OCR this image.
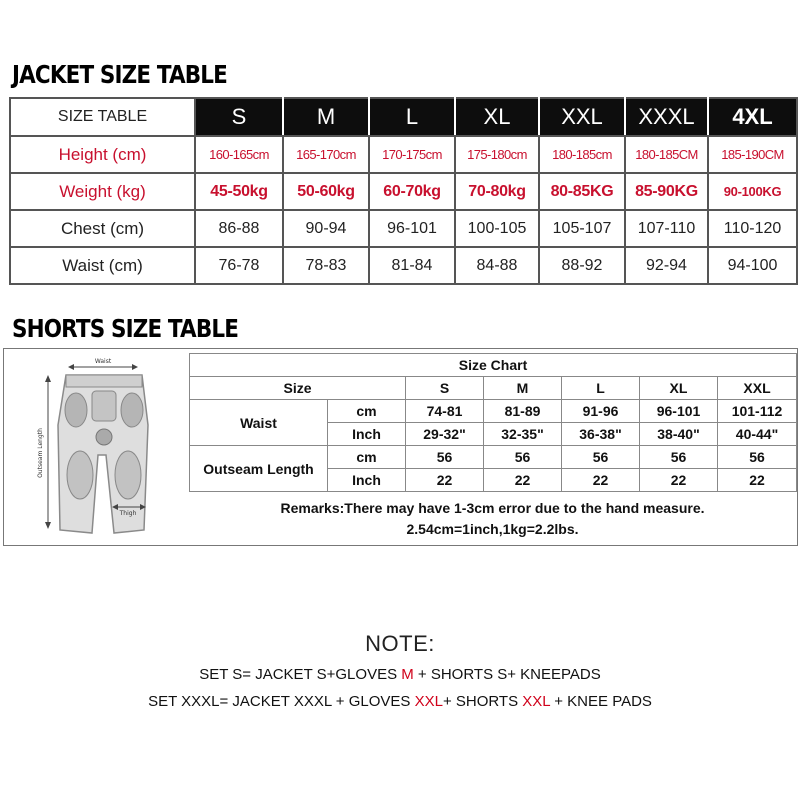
JACKET SIZE TABLE
SIZE TABLE	S	M	L	XL	XXL	XXXL	4XL
Height (cm)	160-165cm	165-170cm	170-175cm	175-180cm	180-185cm	180-185CM	185-190CM
Weight (kg)	45-50kg	50-60kg	60-70kg	70-80kg	80-85KG	85-90KG	90-100KG
Chest (cm)	86-88	90-94	96-101	100-105	105-107	107-110	110-120
Waist (cm)	76-78	78-83	81-84	84-88	88-92	92-94	94-100
SHORTS SIZE TABLE
Waist
Outseam Length
Thigh
Size Chart						
Size		S	M	L	XL	XXL
Waist	cm	74-81	81-89	91-96	96-101	101-112
	Inch	29-32"	32-35"	36-38"	38-40"	40-44"
Outseam Length	cm	56	56	56	56	56
	Inch	22	22	22	22	22
Remarks:There may have 1-3cm error due to the hand measure.
2.54cm=1inch,1kg=2.2lbs.
NOTE:
SET S= JACKET S+GLOVES M + SHORTS S+ KNEEPADS
SET XXXL= JACKET XXXL + GLOVES XXL+ SHORTS XXL + KNEE PADS
